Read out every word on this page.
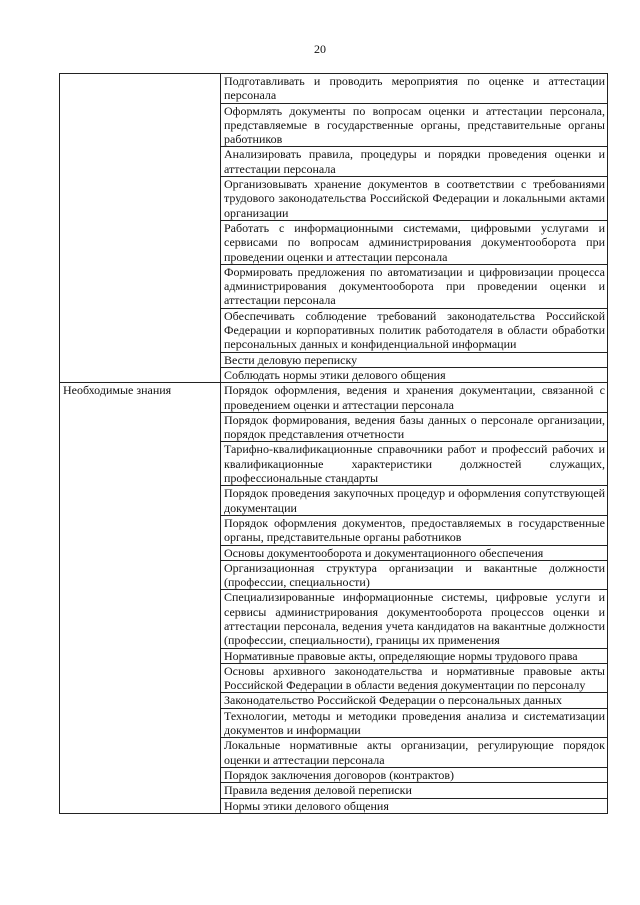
20
	Подготавливать и проводить мероприятия по оценке и аттестации персонала
	Оформлять документы по вопросам оценки и аттестации персонала, представляемые в государственные органы, представительные органы работников
	Анализировать правила, процедуры и порядки проведения оценки и аттестации персонала
	Организовывать хранение документов в соответствии с требованиями трудового законодательства Российской Федерации и локальными актами организации
	Работать с информационными системами, цифровыми услугами и сервисами по вопросам администрирования документооборота при проведении оценки и аттестации персонала
	Формировать предложения по автоматизации и цифровизации процесса администрирования документооборота при проведении оценки и аттестации персонала
	Обеспечивать соблюдение требований законодательства Российской Федерации и корпоративных политик работодателя в области обработки персональных данных и конфиденциальной информации
	Вести деловую переписку
	Соблюдать нормы этики делового общения
Необходимые знания	Порядок оформления, ведения и хранения документации, связанной с проведением оценки и аттестации персонала
	Порядок формирования, ведения базы данных о персонале организации, порядок представления отчетности
	Тарифно-квалификационные справочники работ и профессий рабочих и квалификационные характеристики должностей служащих, профессиональные стандарты
	Порядок проведения закупочных процедур и оформления сопутствующей документации
	Порядок оформления документов, предоставляемых в государственные органы, представительные органы работников
	Основы документооборота и документационного обеспечения
	Организационная структура организации и вакантные должности (профессии, специальности)
	Специализированные информационные системы, цифровые услуги и сервисы администрирования документооборота процессов оценки и аттестации персонала, ведения учета кандидатов на вакантные должности (профессии, специальности), границы их применения
	Нормативные правовые акты, определяющие нормы трудового права
	Основы архивного законодательства и нормативные правовые акты Российской Федерации в области ведения документации по персоналу
	Законодательство Российской Федерации о персональных данных
	Технологии, методы и методики проведения анализа и систематизации документов и информации
	Локальные нормативные акты организации, регулирующие порядок оценки и аттестации персонала
	Порядок заключения договоров (контрактов)
	Правила ведения деловой переписки
	Нормы этики делового общения
